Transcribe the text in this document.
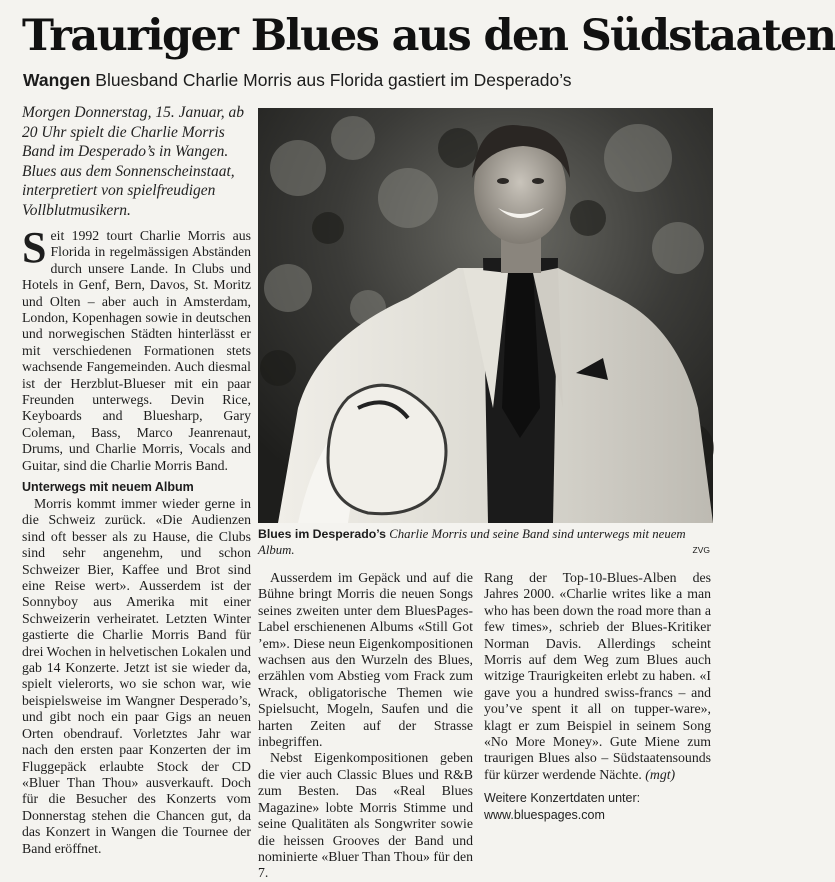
Trauriger Blues aus den Südstaaten
Wangen Bluesband Charlie Morris aus Florida gastiert im Desperado’s
Morgen Donnerstag, 15. Januar, ab 20 Uhr spielt die Charlie Morris Band im Desperado’s in Wangen. Blues aus dem Sonnenscheinstaat, interpretiert von spielfreudigen Vollblutmusikern.

Seit 1992 tourt Charlie Morris aus Florida in regelmässigen Abständen durch unsere Lande. In Clubs und Hotels in Genf, Bern, Davos, St. Moritz und Olten – aber auch in Amsterdam, London, Kopenhagen sowie in deutschen und norwegischen Städten hinterlässt er mit verschiedenen Formationen stets wachsende Fangemeinden. Auch diesmal ist der Herzblut-Blueser mit ein paar Freunden unterwegs. Devin Rice, Keyboards and Bluesharp, Gary Coleman, Bass, Marco Jeanrenaut, Drums, und Charlie Morris, Vocals and Guitar, sind die Charlie Morris Band.

Unterwegs mit neuem Album

Morris kommt immer wieder gerne in die Schweiz zurück. «Die Audienzen sind oft besser als zu Hause, die Clubs sind sehr angenehm, und schon Schweizer Bier, Kaffee und Brot sind eine Reise wert». Ausserdem ist der Sonnyboy aus Amerika mit einer Schweizerin verheiratet. Letzten Winter gastierte die Charlie Morris Band für drei Wochen in helvetischen Lokalen und gab 14 Konzerte. Jetzt ist sie wieder da, spielt vielerorts, wo sie schon war, wie beispielsweise im Wangner Desperado’s, und gibt noch ein paar Gigs an neuen Orten obendrauf. Vorletztes Jahr war nach den ersten paar Konzerten der im Fluggepäck erlaubte Stock der CD «Bluer Than Thou» ausverkauft. Doch für die Besucher des Konzerts vom Donnerstag stehen die Chancen gut, da das Konzert in Wangen die Tournee der Band eröffnet.

Blues im Desperado’s Charlie Morris und seine Band sind unterwegs mit neuem Album.	ZVG

Ausserdem im Gepäck und auf die Bühne bringt Morris die neuen Songs seines zweiten unter dem BluesPages-Label erschienenen Albums «Still Got ’em». Diese neun Eigenkompositionen wachsen aus den Wurzeln des Blues, erzählen vom Abstieg vom Frack zum Wrack, obligatorische Themen wie Spielsucht, Mogeln, Saufen und die harten Zeiten auf der Strasse inbegriffen.

Nebst Eigenkompositionen geben die vier auch Classic Blues und R&B zum Besten. Das «Real Blues Magazine» lobte Morris Stimme und seine Qualitäten als Songwriter sowie die heissen Grooves der Band und nominierte «Bluer Than Thou» für den 7.

Rang der Top-10-Blues-Alben des Jahres 2000. «Charlie writes like a man who has been down the road more than a few times», schrieb der Blues-Kritiker Norman Davis. Allerdings scheint Morris auf dem Weg zum Blues auch witzige Traurigkeiten erlebt zu haben. «I gave you a hundred swiss-francs – and you’ve spent it all on tupper-ware», klagt er zum Beispiel in seinem Song «No More Money». Gute Miene zum traurigen Blues also – Südstaatensounds für kürzer werdende Nächte. (mgt)

Weitere Konzertdaten unter: www.bluespages.com
